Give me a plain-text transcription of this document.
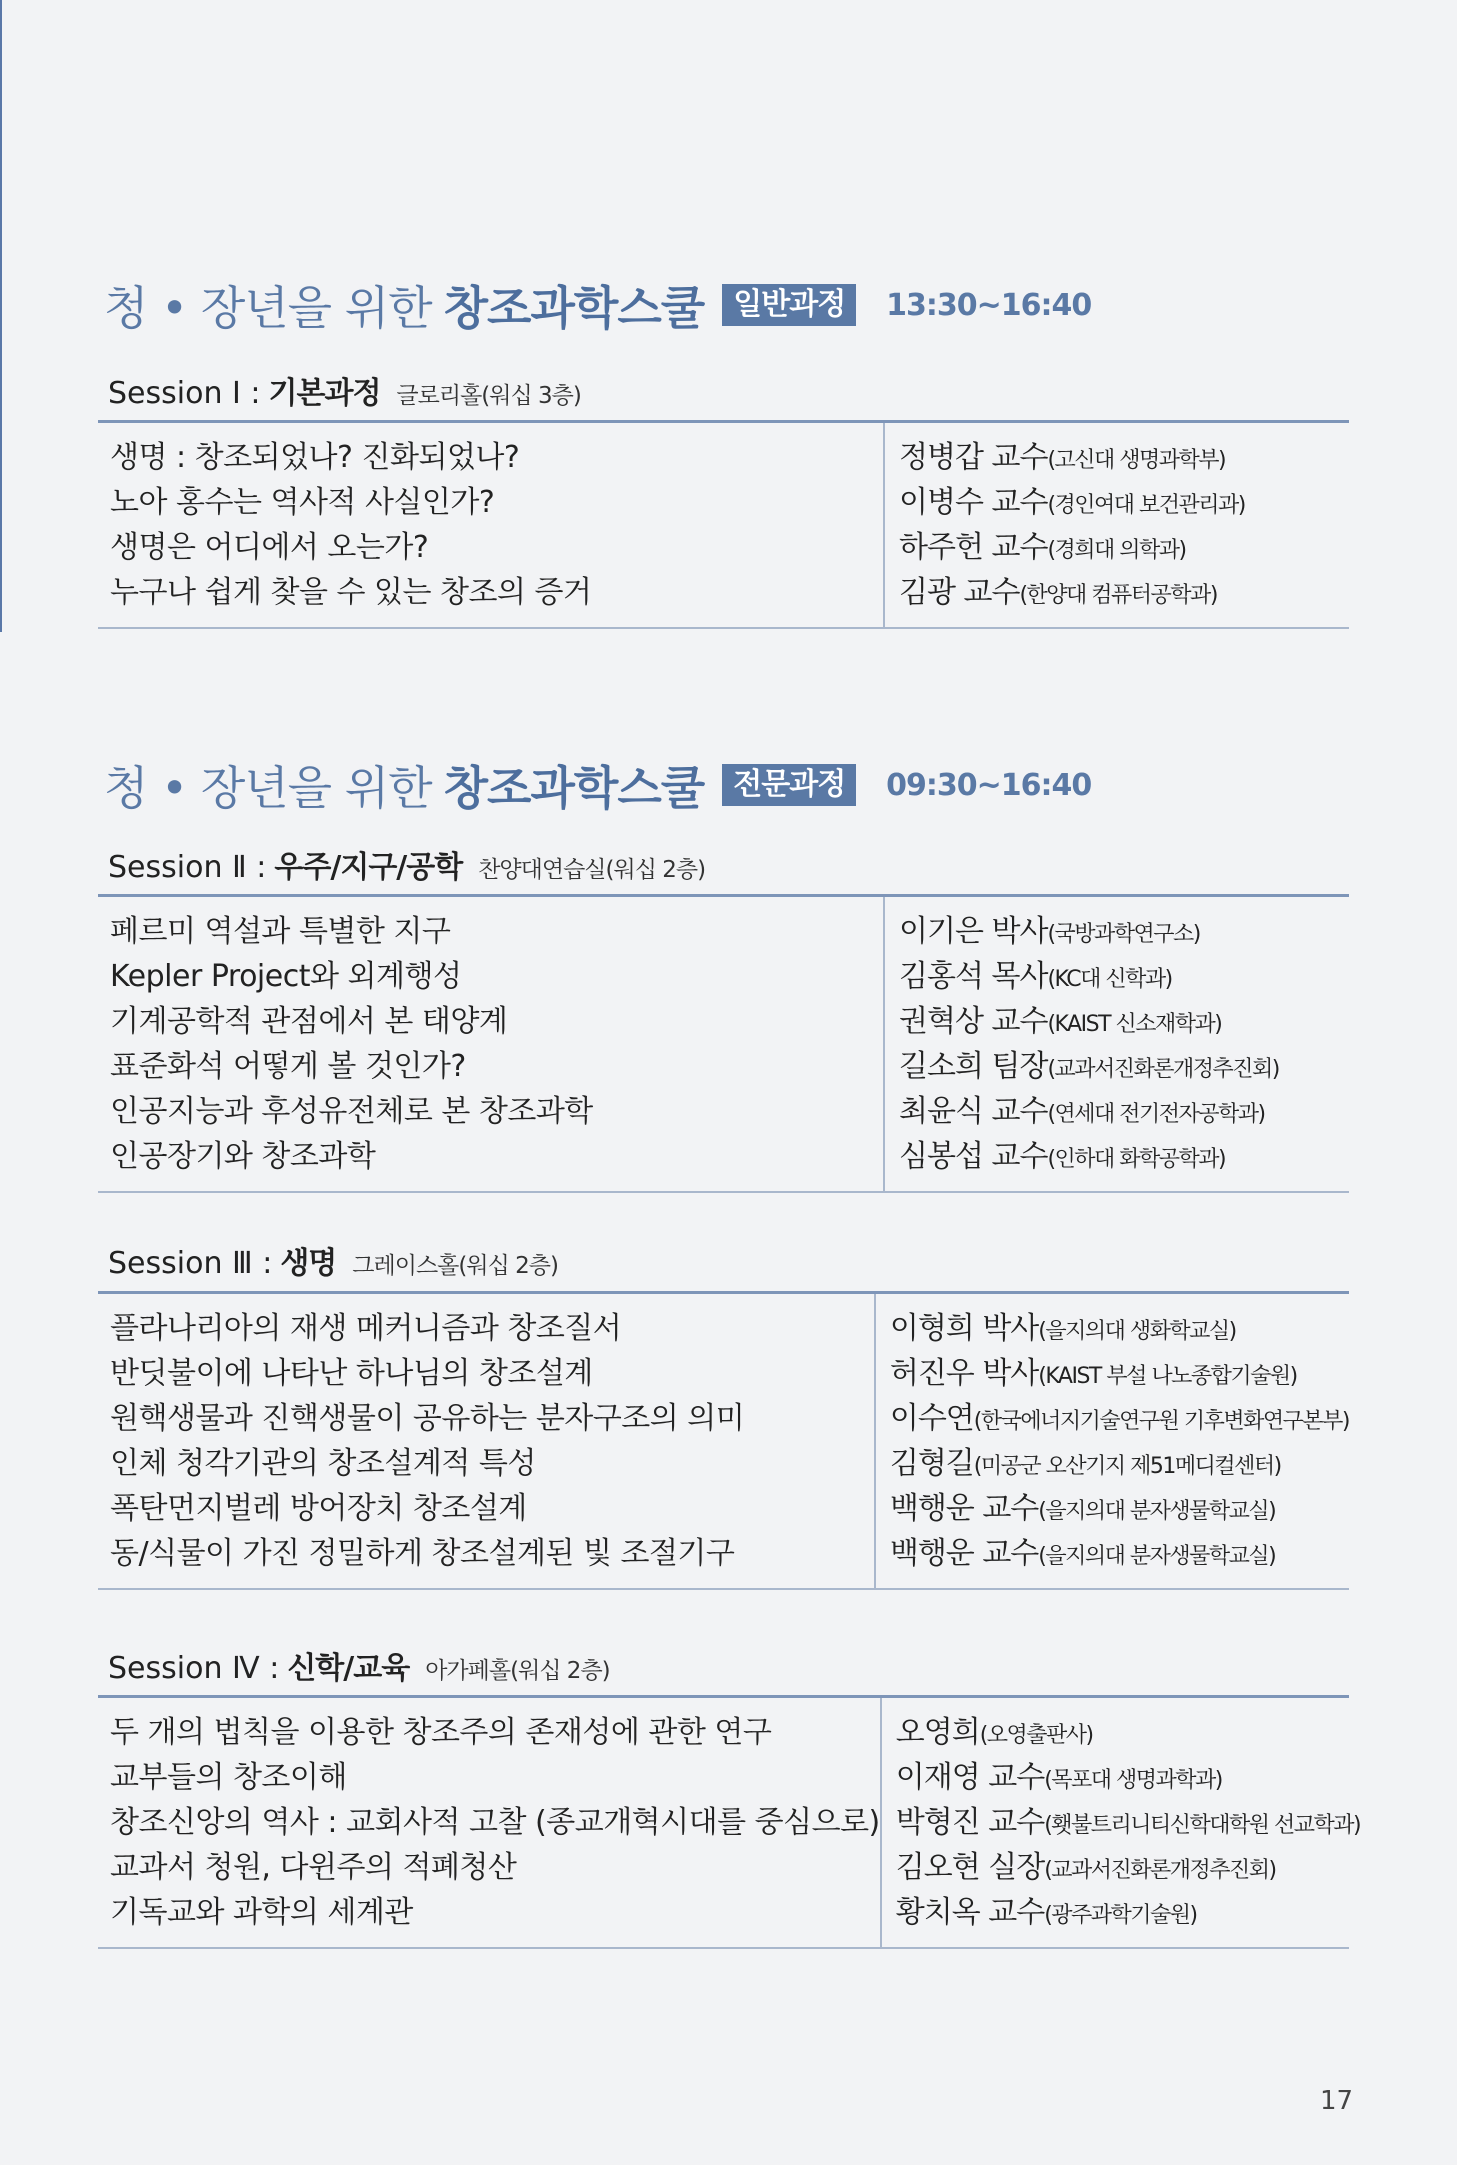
청 • 장년을 위한 창조과학스쿨 일반과정	13:30~16:40
Session Ⅰ : 기본과정 글로리홀(워십 3층)
생명 : 창조되었나? 진화되었나?
노아 홍수는 역사적 사실인가?
생명은 어디에서 오는가?
누구나 쉽게 찾을 수 있는 창조의 증거
정병갑 교수(고신대 생명과학부)
이병수 교수(경인여대 보건관리과)
하주헌 교수(경희대 의학과)
김광 교수(한양대 컴퓨터공학과)
청 • 장년을 위한 창조과학스쿨 전문과정	09:30~16:40
Session Ⅱ : 우주/지구/공학 찬양대연습실(워십 2층)
페르미 역설과 특별한 지구
Kepler Project와 외계행성
기계공학적 관점에서 본 태양계
표준화석 어떻게 볼 것인가?
인공지능과 후성유전체로 본 창조과학
인공장기와 창조과학
이기은 박사(국방과학연구소)
김홍석 목사(KC대 신학과)
권혁상 교수(KAIST 신소재학과)
길소희 팀장(교과서진화론개정추진회)
최윤식 교수(연세대 전기전자공학과)
심봉섭 교수(인하대 화학공학과)
Session Ⅲ : 생명 그레이스홀(워십 2층)
플라나리아의 재생 메커니즘과 창조질서
반딧불이에 나타난 하나님의 창조설계
원핵생물과 진핵생물이 공유하는 분자구조의 의미
인체 청각기관의 창조설계적 특성
폭탄먼지벌레 방어장치 창조설계
동/식물이 가진 정밀하게 창조설계된 빛 조절기구
이형희 박사(을지의대 생화학교실)
허진우 박사(KAIST 부설 나노종합기술원)
이수연(한국에너지기술연구원 기후변화연구본부)
김형길(미공군 오산기지 제51메디컬센터)
백행운 교수(을지의대 분자생물학교실)
백행운 교수(을지의대 분자생물학교실)
Session Ⅳ : 신학/교육 아가페홀(워십 2층)
두 개의 법칙을 이용한 창조주의 존재성에 관한 연구
교부들의 창조이해
창조신앙의 역사 : 교회사적 고찰 (종교개혁시대를 중심으로)
교과서 청원, 다윈주의 적폐청산
기독교와 과학의 세계관
오영희(오영출판사)
이재영 교수(목포대 생명과학과)
박형진 교수(횃불트리니티신학대학원 선교학과)
김오현 실장(교과서진화론개정추진회)
황치옥 교수(광주과학기술원)
17
